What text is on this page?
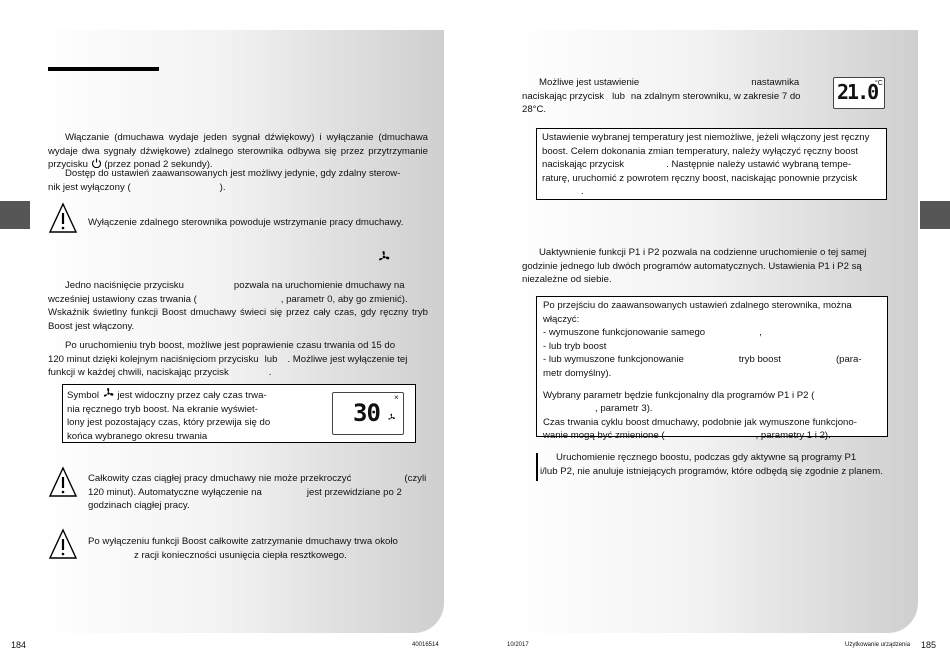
Włączanie (dmuchawa wydaje jeden sygnał dźwiękowy) i wyłączanie (dmuchawa wydaje dwa sygnały dźwiękowe) zdalnego sterownika odbywa się przez przytrzymanie przycisku (przez ponad 2 sekundy).

Dostęp do ustawień zaawansowanych jest możliwy jedynie, gdy zdalny sterow-
nik jest wyłączony (	).

Wyłączenie zdalnego sterownika powoduje wstrzymanie pracy dmuchawy.

Jedno naciśnięcie przycisku	pozwala na uruchomienie dmuchawy na
wcześniej ustawiony czas trwania (	, parametr 0, aby go zmienić).
Wskaźnik świetlny funkcji Boost dmuchawy świeci się przez cały czas, gdy ręczny tryb Boost jest włączony.

Po uruchomieniu tryb boost, możliwe jest poprawienie czasu trwania od 15 do
120 minut dzięki kolejnym naciśnięciom przycisku lub . Możliwe jest wyłączenie tej
funkcji w każdej chwili, naciskając przycisk	.

Symbol jest widoczny przez cały czas trwa-
nia ręcznego tryb boost. Na ekranie wyświet-
lony jest pozostający czas, który przewija się do
końca wybranego okresu trwania

30
×

Całkowity czas ciągłej pracy dmuchawy nie może przekroczyć	(czyli
120 minut). Automatyczne wyłączenie na	jest przewidziane po 2
godzinach ciągłej pracy.

Po wyłączeniu funkcji Boost całkowite zatrzymanie dmuchawy trwa około
z racji konieczności usunięcia ciepła resztkowego.

Możliwe jest ustawienie	nastawnika
naciskając przycisk lub na zdalnym sterowniku, w zakresie 7 do
28°C.

21.0
°C

Ustawienie wybranej temperatury jest niemożliwe, jeżeli włączony jest ręczny
boost. Celem dokonania zmian temperatury, należy wyłączyć ręczny boost
naciskając przycisk	. Następnie należy ustawić wybraną tempe-
raturę, uruchomić z powrotem ręczny boost, naciskając ponownie przycisk
.

Uaktywnienie funkcji P1 i P2 pozwala na codzienne uruchomienie o tej samej
godzinie jednego lub dwóch programów automatycznych. Ustawienia P1 i P2 są
niezależne od siebie.

Po przejściu do zaawansowanych ustawień zdalnego sterownika, można
włączyć:
- wymuszone funkcjonowanie samego	,
- lub tryb boost
- lub wymuszone funkcjonowanie	tryb boost	(para-
metr domyślny).
Wybrany parametr będzie funkcjonalny dla programów P1 i P2 (
, parametr 3).
Czas trwania cyklu boost dmuchawy, podobnie jak wymuszone funkcjono-
wanie mogą być zmienione (	, parametry 1 i 2).

Uruchomienie ręcznego boostu, podczas gdy aktywne są programy P1
i/lub P2, nie anuluje istniejących programów, które odbędą się zgodnie z planem.

184	40016514	10/2017	Użytkowanie urządzenia 185
